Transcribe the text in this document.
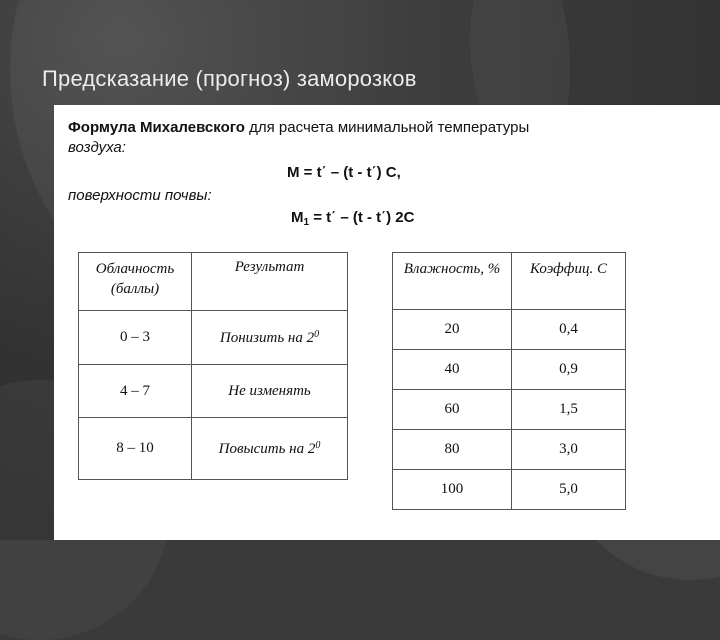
Предсказание (прогноз) заморозков
Формула Михалевского для расчета минимальной температуры
воздуха:
M = t΄ – (t - t΄) C,
поверхности почвы:
$M_1 = t΄ - (t - t΄)$ 2C
Облачность (баллы)	Результат
0 – 3	Понизить на $2^0$
4 – 7	Не изменять
8 – 10	Повысить на $2^0$
Влажность, %	Коэффиц. С
20	0,4
40	0,9
60	1,5
80	3,0
100	5,0
